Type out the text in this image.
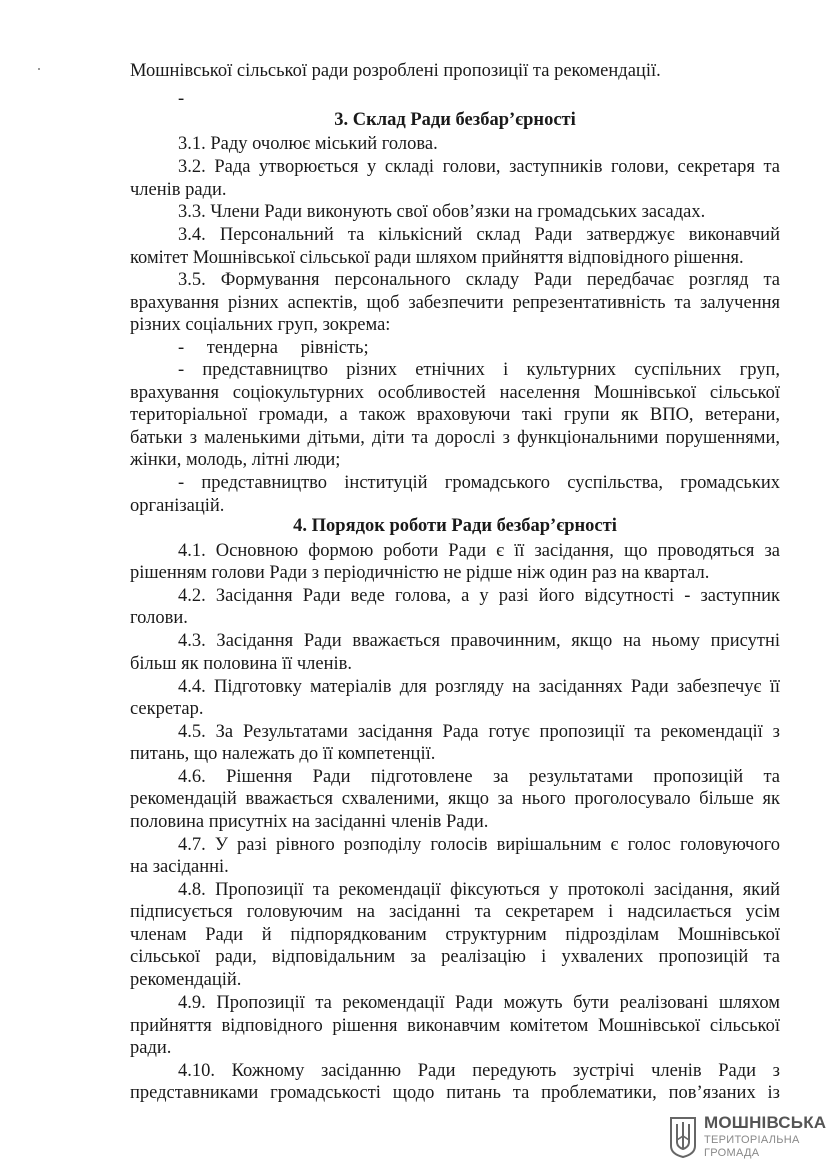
Мошнівської сільської ради розроблені пропозиції та рекомендації.
-
3. Склад Ради безбар’єрності
3.1. Раду очолює міський голова.
3.2. Рада утворюється у складі голови, заступників голови, секретаря та
членів ради.
3.3. Члени Ради виконують свої обов’язки на громадських засадах.
3.4. Персональний та кількісний склад Ради затверджує виконавчий
комітет Мошнівської сільської ради шляхом прийняття відповідного рішення.
3.5. Формування персонального складу Ради передбачає розгляд та
врахування різних аспектів, щоб забезпечити репрезентативність та залучення
різних соціальних груп, зокрема:
- тендерна рівність;
- представництво різних етнічних і культурних суспільних груп,
врахування соціокультурних особливостей населення Мошнівської сільської
територіальної громади, а також враховуючи такі групи як ВПО, ветерани,
батьки з маленькими дітьми, діти та дорослі з функціональними порушеннями,
жінки, молодь, літні люди;
- представництво інституцій громадського суспільства, громадських
організацій.
4. Порядок роботи Ради безбар’єрності
4.1. Основною формою роботи Ради є її засідання, що проводяться за
рішенням голови Ради з періодичністю не рідше ніж один раз на квартал.
4.2. Засідання Ради веде голова, а у разі його відсутності - заступник
голови.
4.3. Засідання Ради вважається правочинним, якщо на ньому присутні
більш як половина її членів.
4.4. Підготовку матеріалів для розгляду на засіданнях Ради забезпечує її
секретар.
4.5. За Результатами засідання Рада готує пропозиції та рекомендації з
питань, що належать до її компетенції.
4.6. Рішення Ради підготовлене за результатами пропозицій та
рекомендацій вважається схваленими, якщо за нього проголосувало більше як
половина присутніх на засіданні членів Ради.
4.7. У разі рівного розподілу голосів вирішальним є голос головуючого
на засіданні.
4.8. Пропозиції та рекомендації фіксуються у протоколі засідання, який
підписується головуючим на засіданні та секретарем і надсилається усім
членам Ради й підпорядкованим структурним підрозділам Мошнівської
сільської ради, відповідальним за реалізацію і ухвалених пропозицій та
рекомендацій.
4.9. Пропозиції та рекомендації Ради можуть бути реалізовані шляхом
прийняття відповідного рішення виконавчим комітетом Мошнівської сільської
ради.
4.10. Кожному засіданню Ради передують зустрічі членів Ради з
представниками громадськості щодо питань та проблематики, пов’язаних із
МОШНІВСЬКА
ТЕРИТОРІАЛЬНА
ГРОМАДА
